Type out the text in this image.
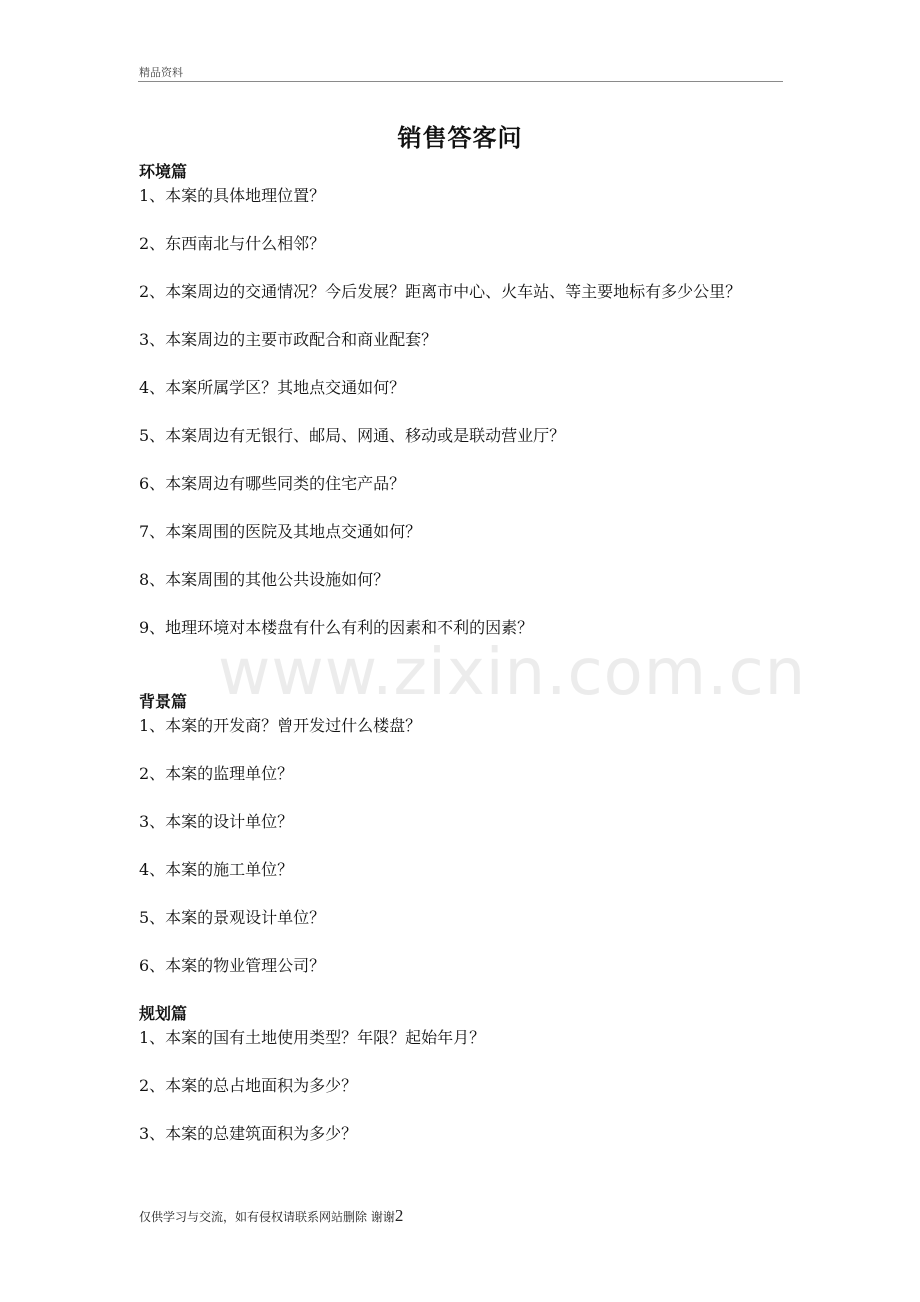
精品资料
www.zixin.com.cn
销售答客问
环境篇
1、本案的具体地理位置？
2、东西南北与什么相邻？
2、本案周边的交通情况？今后发展？距离市中心、火车站、等主要地标有多少公里？
3、本案周边的主要市政配合和商业配套？
4、本案所属学区？其地点交通如何？
5、本案周边有无银行、邮局、网通、移动或是联动营业厅？
6、本案周边有哪些同类的住宅产品？
7、本案周围的医院及其地点交通如何？
8、本案周围的其他公共设施如何？
9、地理环境对本楼盘有什么有利的因素和不利的因素？
背景篇
1、本案的开发商？曾开发过什么楼盘？
2、本案的监理单位？
3、本案的设计单位？
4、本案的施工单位？
5、本案的景观设计单位？
6、本案的物业管理公司？
规划篇
1、本案的国有土地使用类型？年限？起始年月？
2、本案的总占地面积为多少？
3、本案的总建筑面积为多少？
仅供学习与交流，如有侵权请联系网站删除 谢谢2
